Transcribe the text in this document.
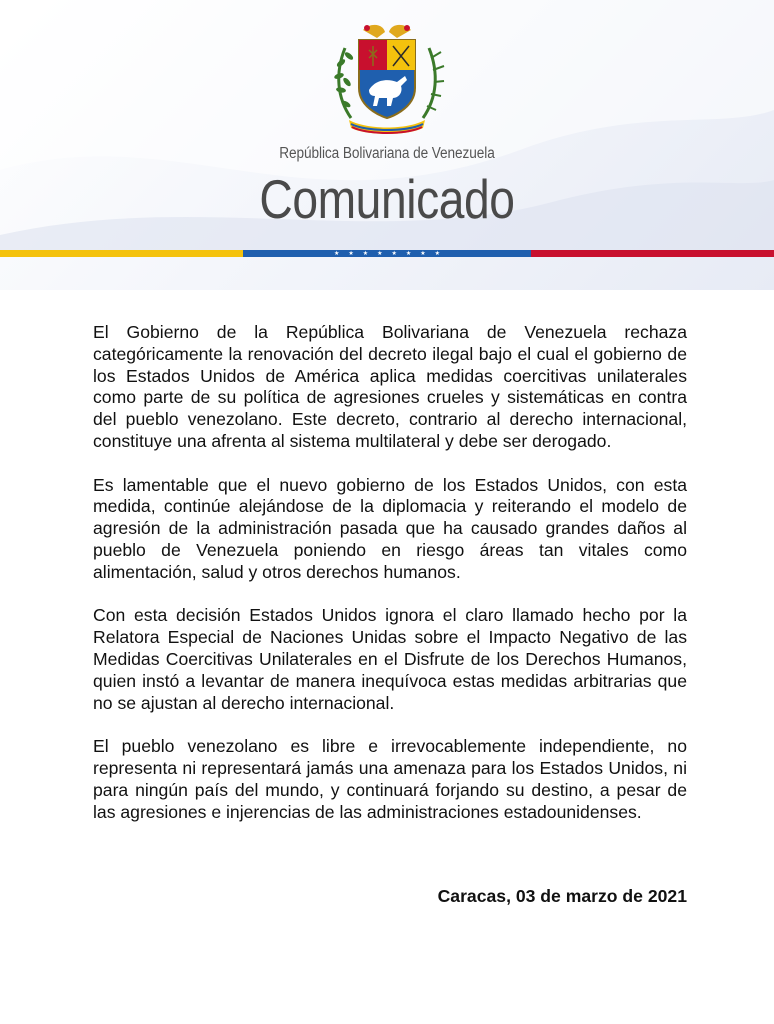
República Bolivariana de Venezuela
Comunicado
★ ★ ★ ★ ★ ★ ★ ★

El Gobierno de la República Bolivariana de Venezuela rechaza categóricamente la renovación del decreto ilegal bajo el cual el gobierno de los Estados Unidos de América aplica medidas coercitivas unilaterales como parte de su política de agresiones crueles y sistemáticas en contra del pueblo venezolano. Este decreto, contrario al derecho internacional, constituye una afrenta al sistema multilateral y debe ser derogado.

Es lamentable que el nuevo gobierno de los Estados Unidos, con esta medida, continúe alejándose de la diplomacia y reiterando el modelo de agresión de la administración pasada que ha causado grandes daños al pueblo de Venezuela poniendo en riesgo áreas tan vitales como alimentación, salud y otros derechos humanos.

Con esta decisión Estados Unidos ignora el claro llamado hecho por la Relatora Especial de Naciones Unidas sobre el Impacto Negativo de las Medidas Coercitivas Unilaterales en el Disfrute de los Derechos Humanos, quien instó a levantar de manera inequívoca estas medidas arbitrarias que no se ajustan al derecho internacional.

El pueblo venezolano es libre e irrevocablemente independiente, no representa ni representará jamás una amenaza para los Estados Unidos, ni para ningún país del mundo, y continuará forjando su destino, a pesar de las agresiones e injerencias de las administraciones estadounidenses.

Caracas, 03 de marzo de 2021
